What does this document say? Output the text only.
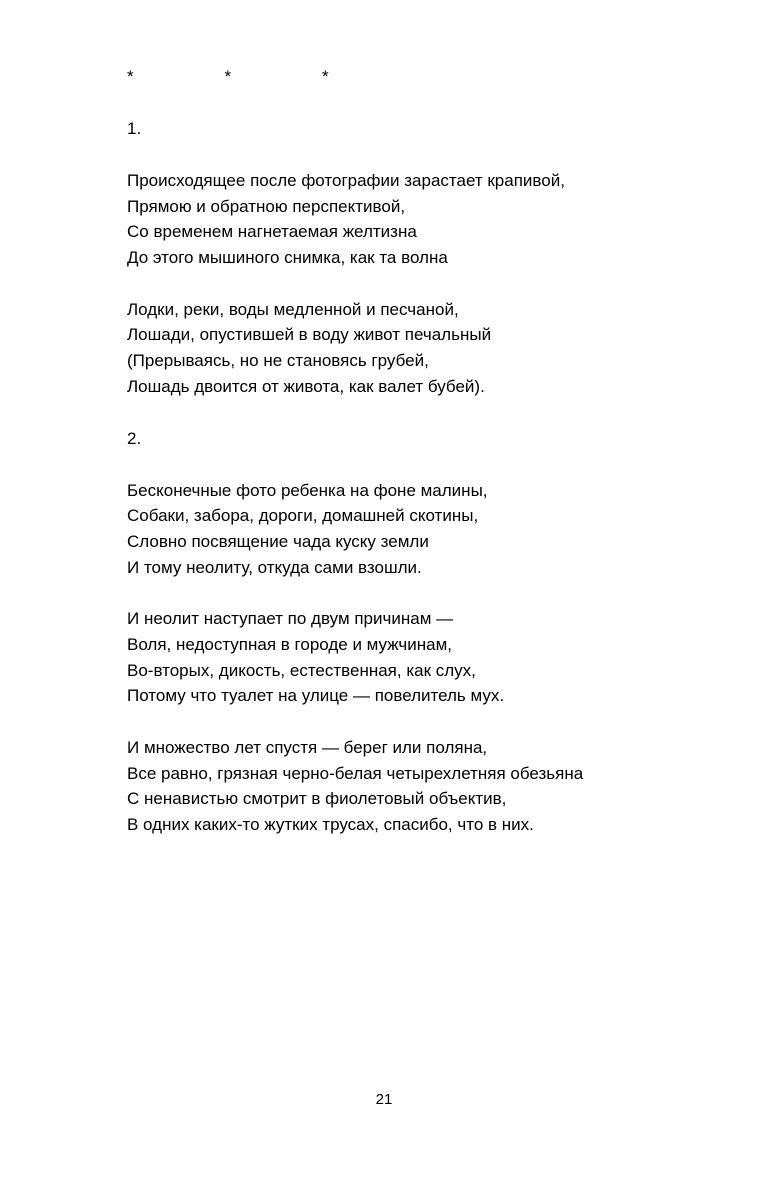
*    *    *
1.
Происходящее после фотографии зарастает крапивой,
Прямою и обратною перспективой,
Со временем нагнетаемая желтизна
До этого мышиного снимка, как та волна
Лодки, реки, воды медленной и песчаной,
Лошади, опустившей в воду живот печальный
(Прерываясь, но не становясь грубей,
Лошадь двоится от живота, как валет бубей).
2.
Бесконечные фото ребенка на фоне малины,
Собаки, забора, дороги, домашней скотины,
Словно посвящение чада куску земли
И тому неолиту, откуда сами взошли.
И неолит наступает по двум причинам —
Воля, недоступная в городе и мужчинам,
Во-вторых, дикость, естественная, как слух,
Потому что туалет на улице — повелитель мух.
И множество лет спустя — берег или поляна,
Все равно, грязная черно-белая четырехлетняя обезьяна
С ненавистью смотрит в фиолетовый объектив,
В одних каких-то жутких трусах, спасибо, что в них.
21
